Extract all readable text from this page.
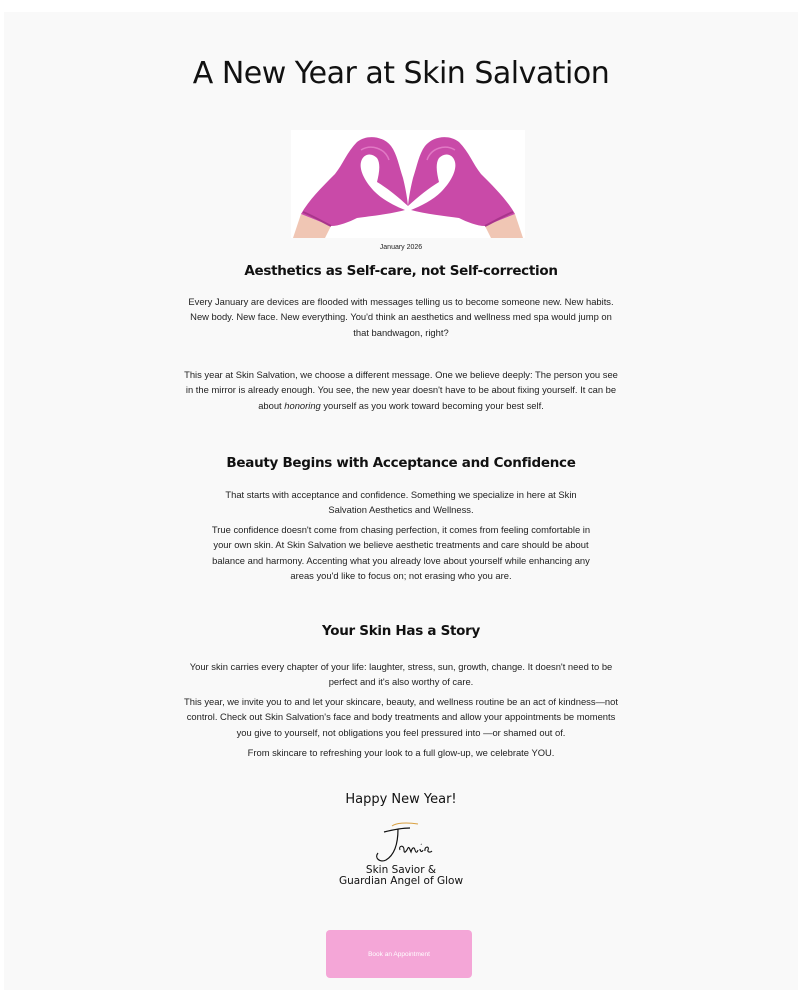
A New Year at Skin Salvation
January 2026
Aesthetics as Self-care, not Self-correction
Every January are devices are flooded with messages telling us to become someone new. New habits.
New body. New face. New everything. You'd think an aesthetics and wellness med spa would jump on
that bandwagon, right?
This year at Skin Salvation, we choose a different message. One we believe deeply: The person you see
in the mirror is already enough. You see, the new year doesn't have to be about fixing yourself. It can be
about honoring yourself as you work toward becoming your best self.
Beauty Begins with Acceptance and Confidence
That starts with acceptance and confidence. Something we specialize in here at Skin
Salvation Aesthetics and Wellness.
True confidence doesn't come from chasing perfection, it comes from feeling comfortable in
your own skin. At Skin Salvation we believe aesthetic treatments and care should be about
balance and harmony. Accenting what you already love about yourself while enhancing any
areas you'd like to focus on; not erasing who you are.
Your Skin Has a Story
Your skin carries every chapter of your life: laughter, stress, sun, growth, change. It doesn't need to be
perfect and it's also worthy of care.
This year, we invite you to and let your skincare, beauty, and wellness routine be an act of kindness—not
control. Check out Skin Salvation's face and body treatments and allow your appointments be moments
you give to yourself, not obligations you feel pressured into —or shamed out of.
From skincare to refreshing your look to a full glow-up, we celebrate YOU.
Happy New Year!
Skin Savior &
Guardian Angel of Glow
Book an Appointment
